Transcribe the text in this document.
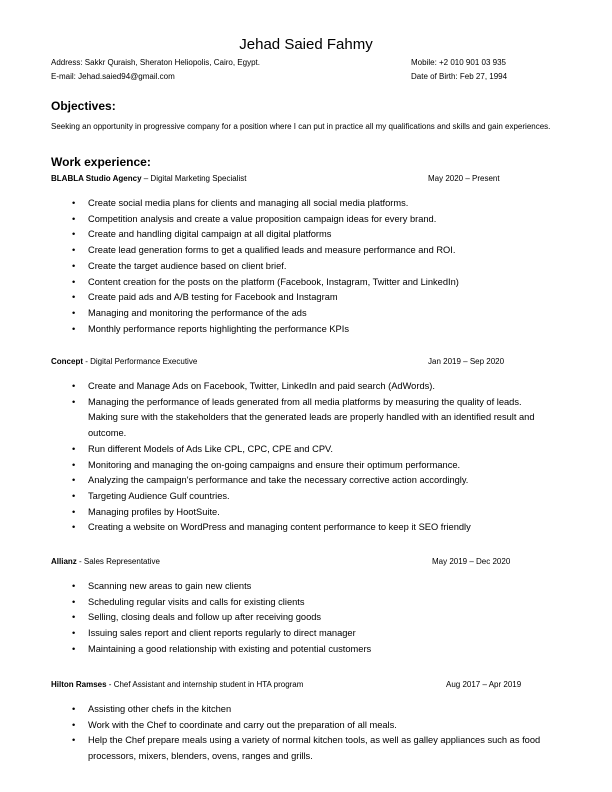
Jehad Saied Fahmy
Address: Sakkr Quraish, Sheraton Heliopolis, Cairo, Egypt.
E-mail: Jehad.saied94@gmail.com
Mobile: +2 010 901 03 935
Date of Birth: Feb 27, 1994
Objectives:
Seeking an opportunity in progressive company for a position where I can put in practice all my qualifications and skills and gain experiences.
Work experience:
BLABLA Studio Agency – Digital Marketing Specialist	May 2020 – Present
• Create social media plans for clients and managing all social media platforms.
• Competition analysis and create a value proposition campaign ideas for every brand.
• Create and handling digital campaign at all digital platforms
• Create lead generation forms to get a qualified leads and measure performance and ROI.
• Create the target audience based on client brief.
• Content creation for the posts on the platform (Facebook, Instagram, Twitter and LinkedIn)
• Create paid ads and A/B testing for Facebook and Instagram
• Managing and monitoring the performance of the ads
• Monthly performance reports highlighting the performance KPIs
Concept - Digital Performance Executive	Jan 2019 – Sep 2020
• Create and Manage Ads on Facebook, Twitter, LinkedIn and paid search (AdWords).
• Managing the performance of leads generated from all media platforms by measuring the quality of leads. Making sure with the stakeholders that the generated leads are properly handled with an identified result and outcome.
• Run different Models of Ads Like CPL, CPC, CPE and CPV.
• Monitoring and managing the on-going campaigns and ensure their optimum performance.
• Analyzing the campaign's performance and take the necessary corrective action accordingly.
• Targeting Audience Gulf countries.
• Managing profiles by HootSuite.
• Creating a website on WordPress and managing content performance to keep it SEO friendly
Allianz - Sales Representative	May 2019 – Dec 2020
• Scanning new areas to gain new clients
• Scheduling regular visits and calls for existing clients
• Selling, closing deals and follow up after receiving goods
• Issuing sales report and client reports regularly to direct manager
• Maintaining a good relationship with existing and potential customers
Hilton Ramses - Chef Assistant and internship student in HTA program	Aug 2017 – Apr 2019
• Assisting other chefs in the kitchen
• Work with the Chef to coordinate and carry out the preparation of all meals.
• Help the Chef prepare meals using a variety of normal kitchen tools, as well as galley appliances such as food processors, mixers, blenders, ovens, ranges and grills.
